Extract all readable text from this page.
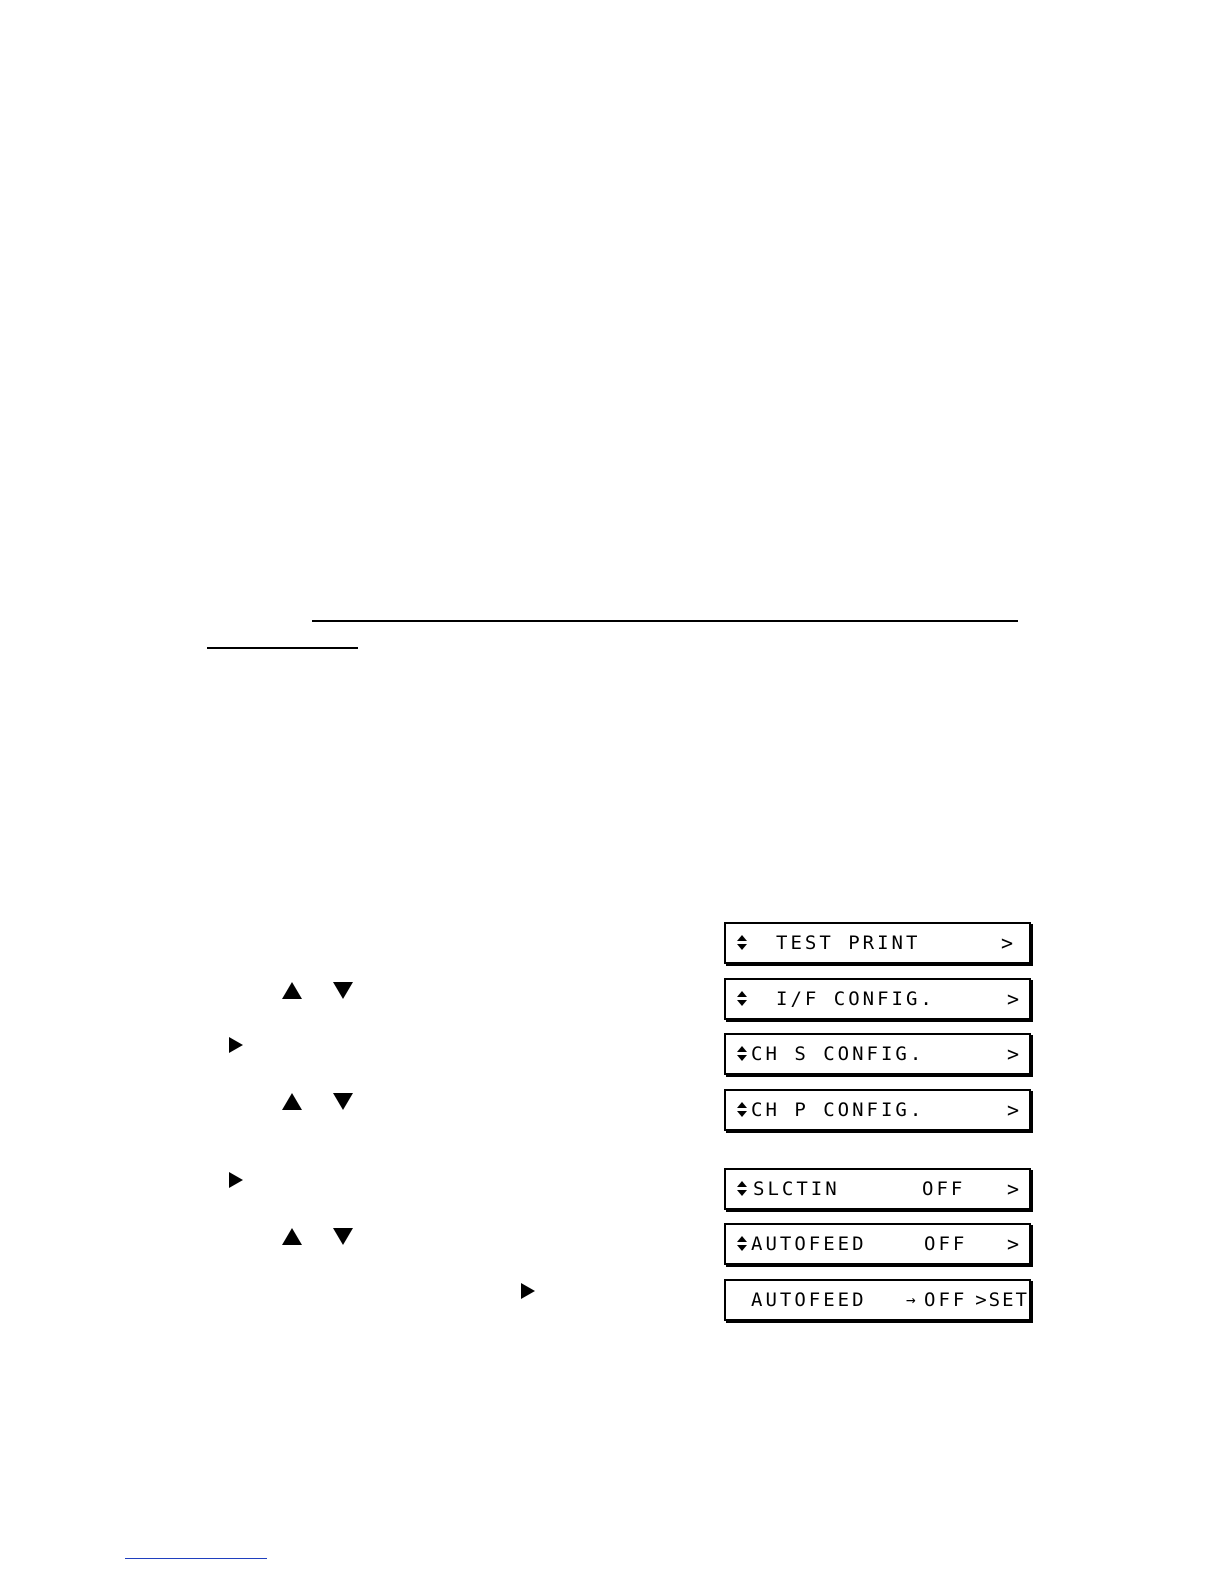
TEST PRINT	>
I/F CONFIG.	>
CH S CONFIG.	>
CH P CONFIG.	>
SLCTIN	OFF >
AUTOFEED	OFF >
AUTOFEED → OFF >SET
